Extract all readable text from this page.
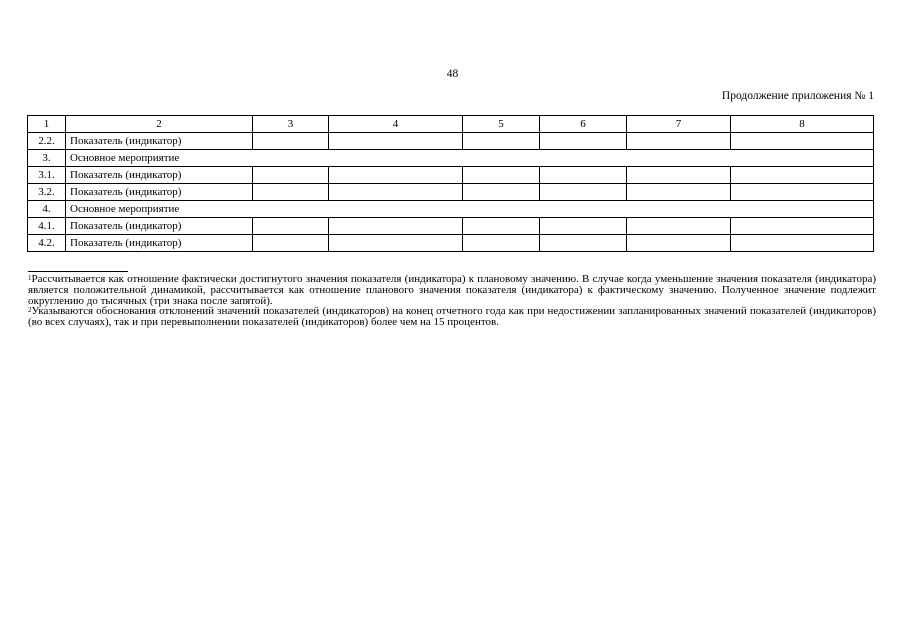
48
Продолжение приложения № 1
1	2	3	4	5	6	7	8
2.2.	Показатель (индикатор)						
3.	Основное мероприятие						
3.1.	Показатель (индикатор)						
3.2.	Показатель (индикатор)						
4.	Основное мероприятие						
4.1.	Показатель (индикатор)						
4.2.	Показатель (индикатор)						

$^1$Рассчитывается как отношение фактически достигнутого значения показателя (индикатора) к плановому значению. В случае когда уменьшение значения показателя (индикатора) является положительной динамикой, рассчитывается как отношение планового значения показателя (индикатора) к фактическому значению. Полученное значение подлежит округлению до тысячных (три знака после запятой).

$^2$Указываются обоснования отклонений значений показателей (индикаторов) на конец отчетного года как при недостижении запланированных значений показателей (индикаторов) (во всех случаях), так и при перевыполнении показателей (индикаторов) более чем на 15 процентов.
